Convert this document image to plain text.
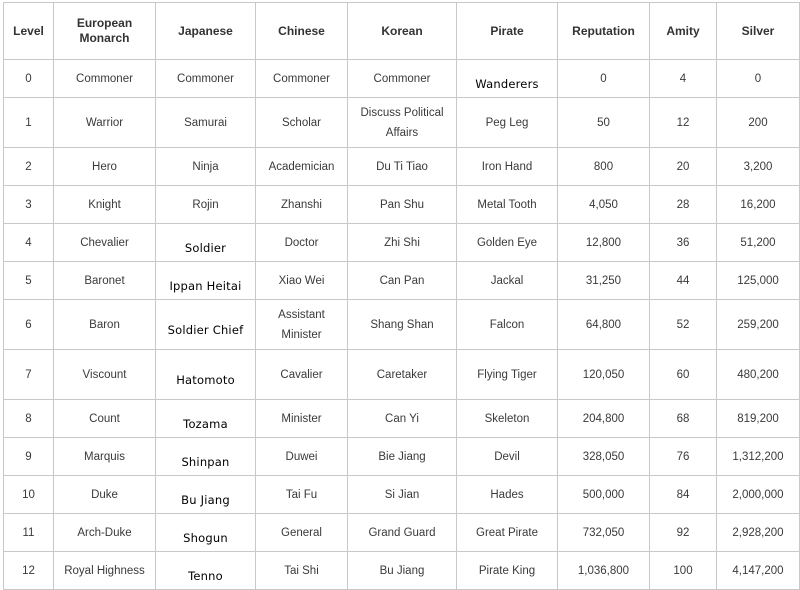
Level	European Monarch	Japanese	Chinese	Korean	Pirate	Reputation	Amity	Silver
0	Commoner	Commoner	Commoner	Commoner	Wanderers	0	4	0
1	Warrior	Samurai	Scholar	Discuss Political Affairs	Peg Leg	50	12	200
2	Hero	Ninja	Academician	Du Ti Tiao	Iron Hand	800	20	3,200
3	Knight	Rojin	Zhanshi	Pan Shu	Metal Tooth	4,050	28	16,200
4	Chevalier	Soldier	Doctor	Zhi Shi	Golden Eye	12,800	36	51,200
5	Baronet	Ippan Heitai	Xiao Wei	Can Pan	Jackal	31,250	44	125,000
6	Baron	Soldier Chief	Assistant Minister	Shang Shan	Falcon	64,800	52	259,200
7	Viscount	Hatomoto	Cavalier	Caretaker	Flying Tiger	120,050	60	480,200
8	Count	Tozama	Minister	Can Yi	Skeleton	204,800	68	819,200
9	Marquis	Shinpan	Duwei	Bie Jiang	Devil	328,050	76	1,312,200
10	Duke	Bu Jiang	Tai Fu	Si Jian	Hades	500,000	84	2,000,000
11	Arch-Duke	Shogun	General	Grand Guard	Great Pirate	732,050	92	2,928,200
12	Royal Highness	Tenno	Tai Shi	Bu Jiang	Pirate King	1,036,800	100	4,147,200
